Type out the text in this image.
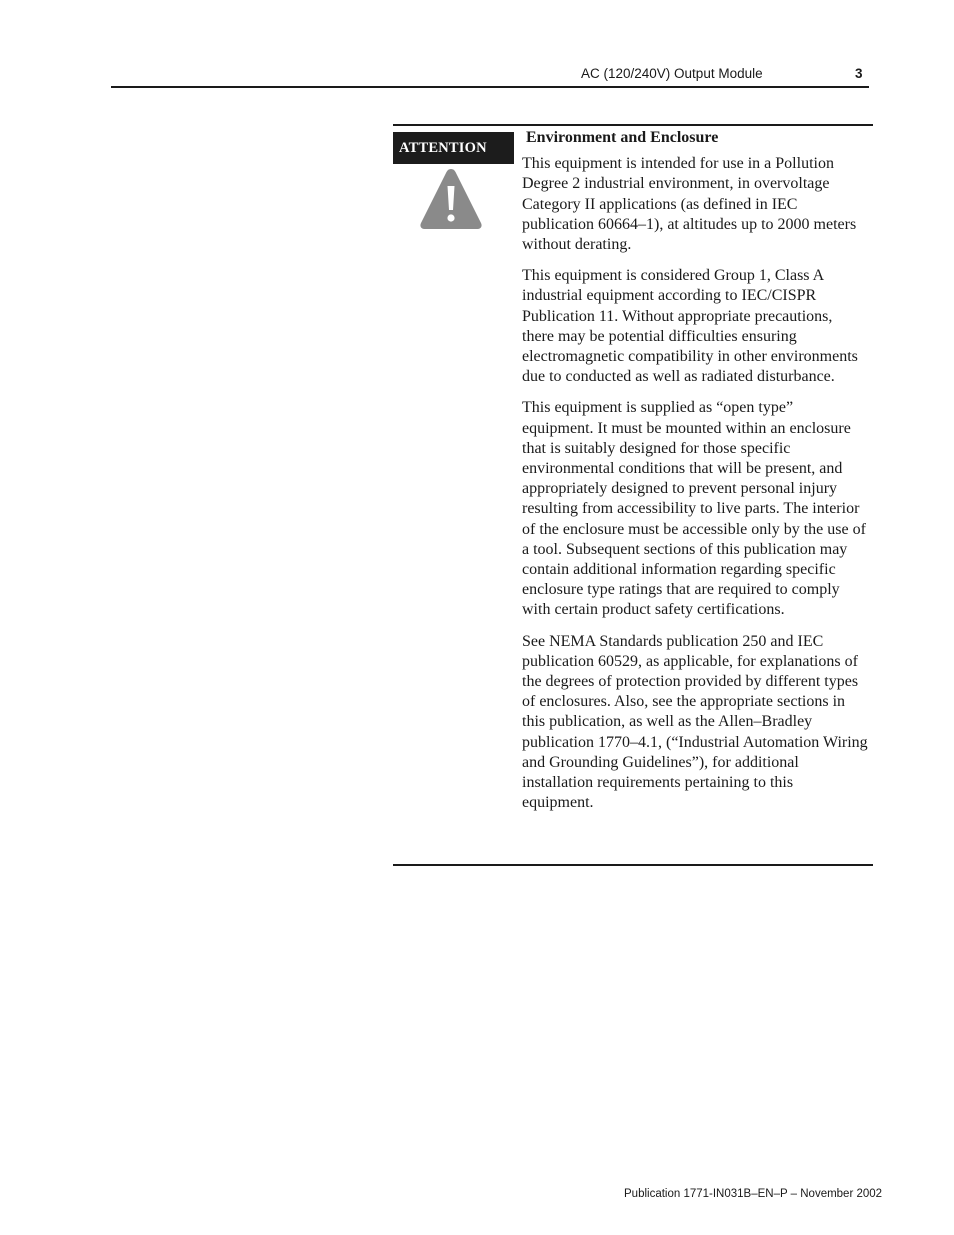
AC (120/240V) Output Module	3
ATTENTION
Environment and Enclosure

This equipment is intended for use in a Pollution Degree 2 industrial environment, in overvoltage Category II applications (as defined in IEC publication 60664–1), at altitudes up to 2000 meters without derating.

This equipment is considered Group 1, Class A industrial equipment according to IEC/CISPR Publication 11. Without appropriate precautions, there may be potential difficulties ensuring electromagnetic compatibility in other environments due to conducted as well as radiated disturbance.

This equipment is supplied as “open type” equipment. It must be mounted within an enclosure that is suitably designed for those specific environmental conditions that will be present, and appropriately designed to prevent personal injury resulting from accessibility to live parts. The interior of the enclosure must be accessible only by the use of a tool. Subsequent sections of this publication may contain additional information regarding specific enclosure type ratings that are required to comply with certain product safety certifications.

See NEMA Standards publication 250 and IEC publication 60529, as applicable, for explanations of the degrees of protection provided by different types of enclosures. Also, see the appropriate sections in this publication, as well as the Allen–Bradley publication 1770–4.1, (“Industrial Automation Wiring and Grounding Guidelines”), for additional installation requirements pertaining to this equipment.

Publication 1771-IN031B–EN–P – November 2002
